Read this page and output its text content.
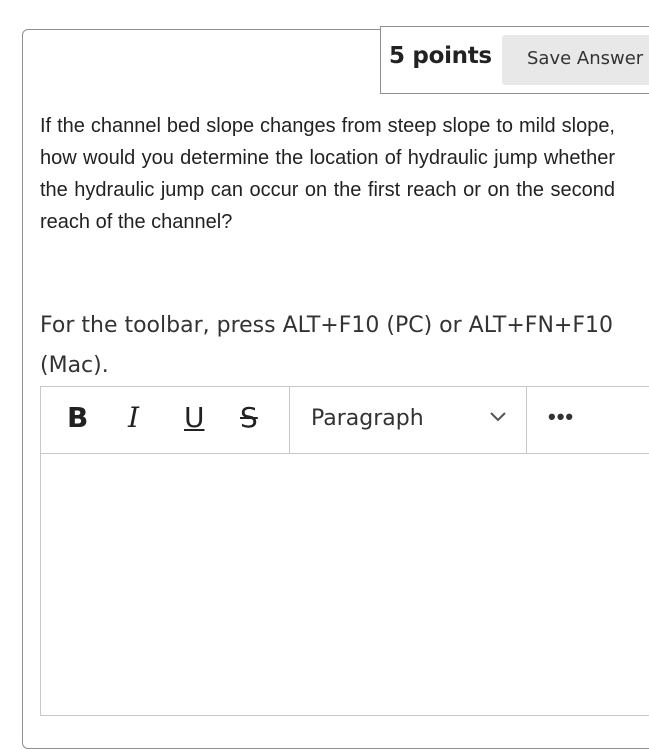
5 points	Save Answer
If the channel bed slope changes from steep slope to mild slope, how would you determine the location of hydraulic jump whether the hydraulic jump can occur on the first reach or on the second reach of the channel?
For the toolbar, press ALT+F10 (PC) or ALT+FN+F10 (Mac).
B I U S Paragraph	•••
